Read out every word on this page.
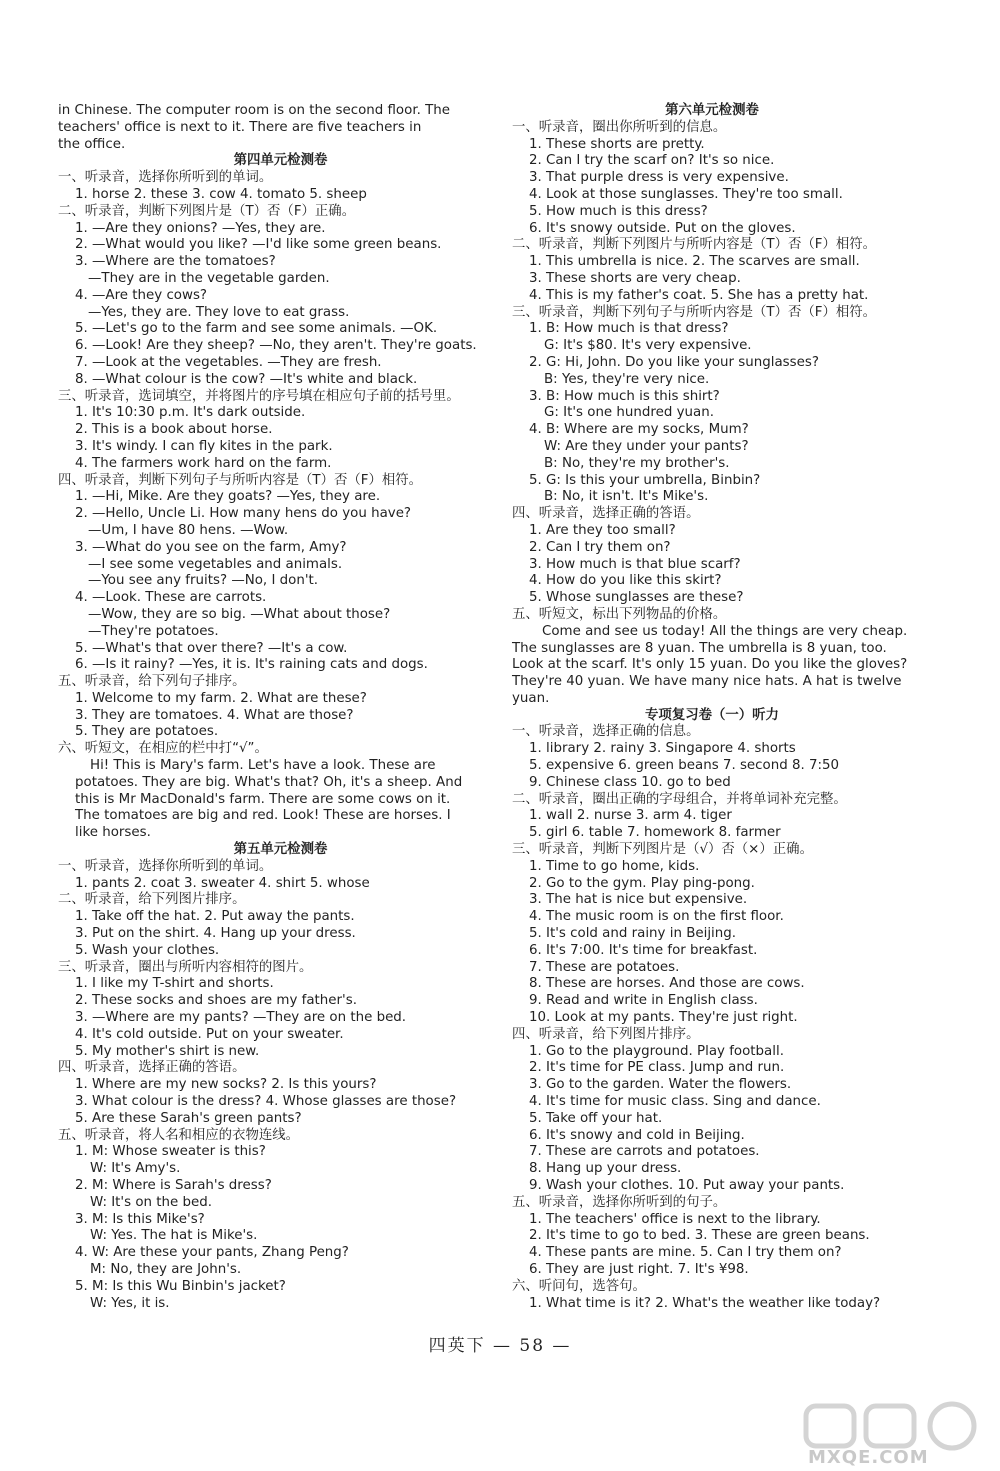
in Chinese. The computer room is on the second floor. The
teachers' office is next to it. There are five teachers in
the office.
第四单元检测卷
一、听录音，选择你所听到的单词。
1. horse 2. these 3. cow 4. tomato 5. sheep
二、听录音，判断下列图片是（T）否（F）正确。
1. —Are they onions? —Yes, they are.
2. —What would you like? —I'd like some green beans.
3. —Where are the tomatoes?
—They are in the vegetable garden.
4. —Are they cows?
—Yes, they are. They love to eat grass.
5. —Let's go to the farm and see some animals. —OK.
6. —Look! Are they sheep? —No, they aren't. They're goats.
7. —Look at the vegetables. —They are fresh.
8. —What colour is the cow? —It's white and black.
三、听录音，选词填空，并将图片的序号填在相应句子前的括号里。
1. It's 10:30 p.m. It's dark outside.
2. This is a book about horse.
3. It's windy. I can fly kites in the park.
4. The farmers work hard on the farm.
四、听录音，判断下列句子与所听内容是（T）否（F）相符。
1. —Hi, Mike. Are they goats? —Yes, they are.
2. —Hello, Uncle Li. How many hens do you have?
—Um, I have 80 hens. —Wow.
3. —What do you see on the farm, Amy?
—I see some vegetables and animals.
—You see any fruits? —No, I don't.
4. —Look. These are carrots.
—Wow, they are so big. —What about those?
—They're potatoes.
5. —What's that over there? —It's a cow.
6. —Is it rainy? —Yes, it is. It's raining cats and dogs.
五、听录音，给下列句子排序。
1. Welcome to my farm. 2. What are these?
3. They are tomatoes. 4. What are those?
5. They are potatoes.
六、听短文，在相应的栏中打“√”。
Hi! This is Mary's farm. Let's have a look. These are
potatoes. They are big. What's that? Oh, it's a sheep. And
this is Mr MacDonald's farm. There are some cows on it.
The tomatoes are big and red. Look! These are horses. I
like horses.
第五单元检测卷
一、听录音，选择你所听到的单词。
1. pants 2. coat 3. sweater 4. shirt 5. whose
二、听录音，给下列图片排序。
1. Take off the hat. 2. Put away the pants.
3. Put on the shirt. 4. Hang up your dress.
5. Wash your clothes.
三、听录音，圈出与所听内容相符的图片。
1. I like my T-shirt and shorts.
2. These socks and shoes are my father's.
3. —Where are my pants? —They are on the bed.
4. It's cold outside. Put on your sweater.
5. My mother's shirt is new.
四、听录音，选择正确的答语。
1. Where are my new socks? 2. Is this yours?
3. What colour is the dress? 4. Whose glasses are those?
5. Are these Sarah's green pants?
五、听录音，将人名和相应的衣物连线。
1. M: Whose sweater is this?
W: It's Amy's.
2. M: Where is Sarah's dress?
W: It's on the bed.
3. M: Is this Mike's?
W: Yes. The hat is Mike's.
4. W: Are these your pants, Zhang Peng?
M: No, they are John's.
5. M: Is this Wu Binbin's jacket?
W: Yes, it is.
第六单元检测卷
一、听录音，圈出你所听到的信息。
1. These shorts are pretty.
2. Can I try the scarf on? It's so nice.
3. That purple dress is very expensive.
4. Look at those sunglasses. They're too small.
5. How much is this dress?
6. It's snowy outside. Put on the gloves.
二、听录音，判断下列图片与所听内容是（T）否（F）相符。
1. This umbrella is nice. 2. The scarves are small.
3. These shorts are very cheap.
4. This is my father's coat. 5. She has a pretty hat.
三、听录音，判断下列句子与所听内容是（T）否（F）相符。
1. B: How much is that dress?
G: It's $80. It's very expensive.
2. G: Hi, John. Do you like your sunglasses?
B: Yes, they're very nice.
3. B: How much is this shirt?
G: It's one hundred yuan.
4. B: Where are my socks, Mum?
W: Are they under your pants?
B: No, they're my brother's.
5. G: Is this your umbrella, Binbin?
B: No, it isn't. It's Mike's.
四、听录音，选择正确的答语。
1. Are they too small?
2. Can I try them on?
3. How much is that blue scarf?
4. How do you like this skirt?
5. Whose sunglasses are these?
五、听短文，标出下列物品的价格。
Come and see us today! All the things are very cheap.
The sunglasses are 8 yuan. The umbrella is 8 yuan, too.
Look at the scarf. It's only 15 yuan. Do you like the gloves?
They're 40 yuan. We have many nice hats. A hat is twelve
yuan.
专项复习卷（一）听力
一、听录音，选择正确的信息。
1. library 2. rainy 3. Singapore 4. shorts
5. expensive 6. green beans 7. second 8. 7:50
9. Chinese class 10. go to bed
二、听录音，圈出正确的字母组合，并将单词补充完整。
1. wall 2. nurse 3. arm 4. tiger
5. girl 6. table 7. homework 8. farmer
三、听录音，判断下列图片是（√）否（×）正确。
1. Time to go home, kids.
2. Go to the gym. Play ping-pong.
3. The hat is nice but expensive.
4. The music room is on the first floor.
5. It's cold and rainy in Beijing.
6. It's 7:00. It's time for breakfast.
7. These are potatoes.
8. These are horses. And those are cows.
9. Read and write in English class.
10. Look at my pants. They're just right.
四、听录音，给下列图片排序。
1. Go to the playground. Play football.
2. It's time for PE class. Jump and run.
3. Go to the garden. Water the flowers.
4. It's time for music class. Sing and dance.
5. Take off your hat.
6. It's snowy and cold in Beijing.
7. These are carrots and potatoes.
8. Hang up your dress.
9. Wash your clothes. 10. Put away your pants.
五、听录音，选择你所听到的句子。
1. The teachers' office is next to the library.
2. It's time to go to bed. 3. These are green beans.
4. These pants are mine. 5. Can I try them on?
6. They are just right. 7. It's ¥98.
六、听问句，选答句。
1. What time is it? 2. What's the weather like today?
四英下 — 58 —
MXQE.COM
